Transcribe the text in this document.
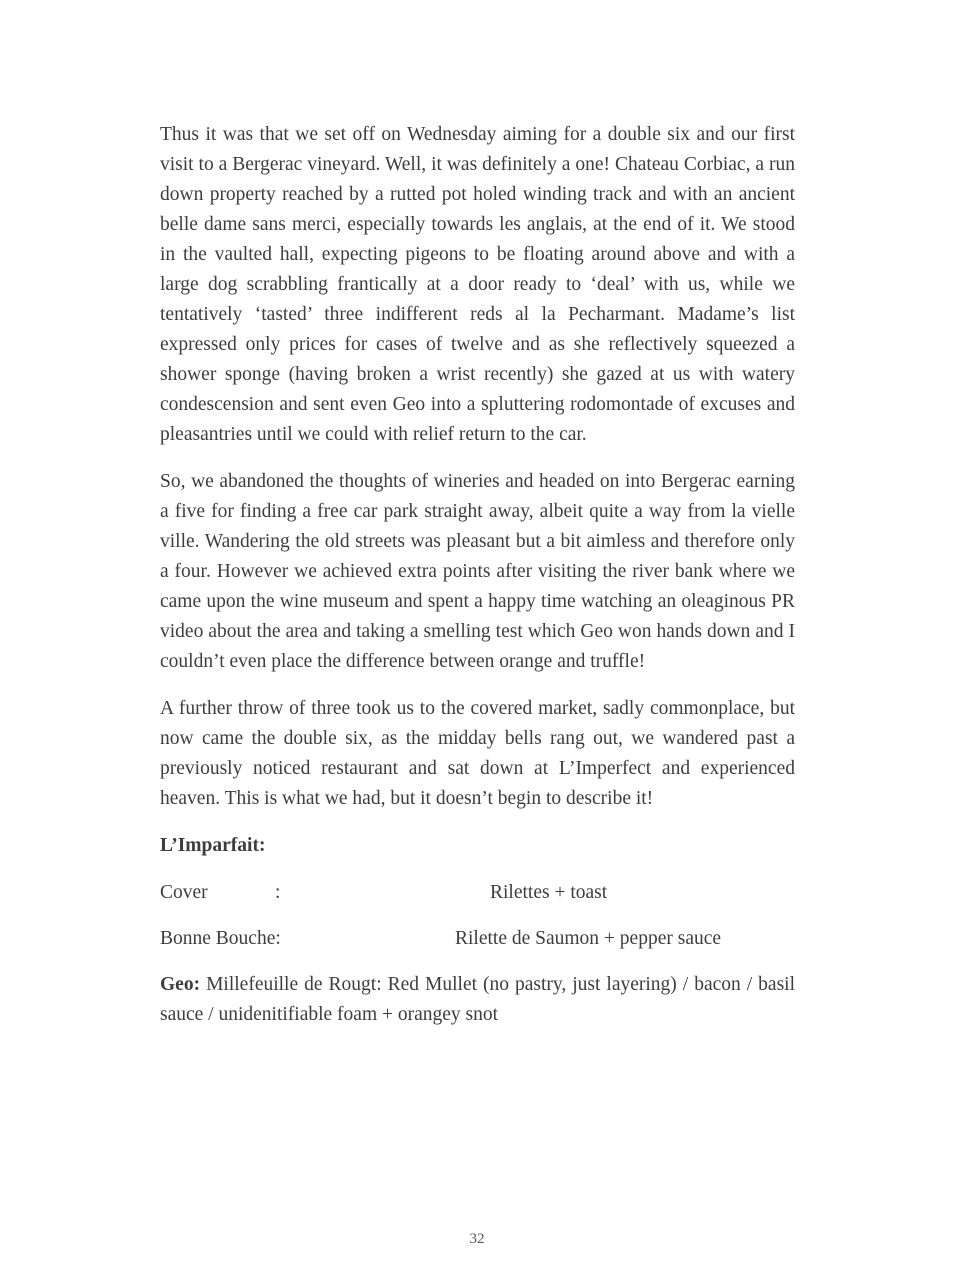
Thus it was that we set off on Wednesday aiming for a double six and our first visit to a Bergerac vineyard. Well, it was definitely a one! Chateau Corbiac, a run down property reached by a rutted pot holed winding track and with an ancient belle dame sans merci, especially towards les anglais, at the end of it. We stood in the vaulted hall, expecting pigeons to be floating around above and with a large dog scrabbling frantically at a door ready to ‘deal’ with us, while we tentatively ‘tasted’ three indifferent reds al la Pecharmant. Madame’s list expressed only prices for cases of twelve and as she reflectively squeezed a shower sponge (having broken a wrist recently) she gazed at us with watery condescension and sent even Geo into a spluttering rodomontade of excuses and pleasantries until we could with relief return to the car.

So, we abandoned the thoughts of wineries and headed on into Bergerac earning a five for finding a free car park straight away, albeit quite a way from la vielle ville. Wandering the old streets was pleasant but a bit aimless and therefore only a four. However we achieved extra points after visiting the river bank where we came upon the wine museum and spent a happy time watching an oleaginous PR video about the area and taking a smelling test which Geo won hands down and I couldn’t even place the difference between orange and truffle!

A further throw of three took us to the covered market, sadly commonplace, but now came the double six, as the midday bells rang out, we wandered past a previously noticed restaurant and sat down at L’Imperfect and experienced heaven. This is what we had, but it doesn’t begin to describe it!

L’Imparfait:

Cover	:	Rilettes + toast
Bonne Bouche:	Rilette de Saumon + pepper sauce

Geo: Millefeuille de Rougt: Red Mullet (no pastry, just layering) / bacon / basil sauce / unidenitifiable foam + orangey snot

32
